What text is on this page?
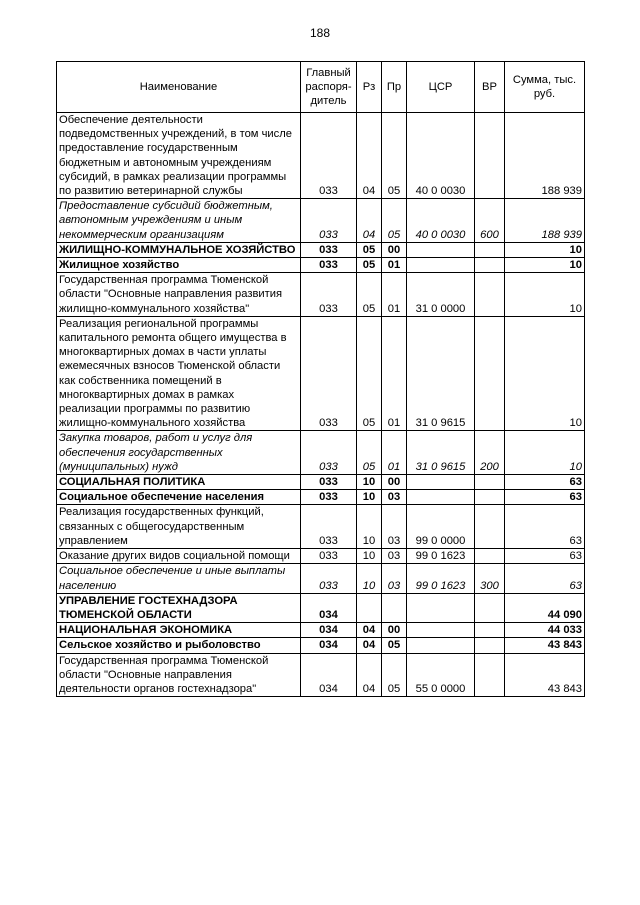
188
Наименование	Главный распоря-дитель	Рз	Пр	ЦСР	ВР	Сумма, тыс. руб.
Обеспечение деятельности подведомственных учреждений, в том числе предоставление государственным бюджетным и автономным учреждениям субсидий, в рамках реализации программы по развитию ветеринарной службы	033	04	05	40 0 0030		188 939
Предоставление субсидий бюджетным, автономным учреждениям и иным некоммерческим организациям	033	04	05	40 0 0030	600	188 939
ЖИЛИЩНО-КОММУНАЛЬНОЕ ХОЗЯЙСТВО	033	05	00			10
Жилищное хозяйство	033	05	01			10
Государственная программа Тюменской области "Основные направления развития жилищно-коммунального хозяйства"	033	05	01	31 0 0000		10
Реализация региональной программы капитального ремонта общего имущества в многоквартирных домах в части уплаты ежемесячных взносов Тюменской области как собственника помещений в многоквартирных домах в рамках реализации программы по развитию жилищно-коммунального хозяйства	033	05	01	31 0 9615		10
Закупка товаров, работ и услуг для обеспечения государственных (муниципальных) нужд	033	05	01	31 0 9615	200	10
СОЦИАЛЬНАЯ ПОЛИТИКА	033	10	00			63
Социальное обеспечение населения	033	10	03			63
Реализация государственных функций, связанных с общегосударственным управлением	033	10	03	99 0 0000		63
Оказание других видов социальной помощи	033	10	03	99 0 1623		63
Социальное обеспечение и иные выплаты населению	033	10	03	99 0 1623	300	63
УПРАВЛЕНИЕ ГОСТЕХНАДЗОРА ТЮМЕНСКОЙ ОБЛАСТИ	034					44 090
НАЦИОНАЛЬНАЯ ЭКОНОМИКА	034	04	00			44 033
Сельское хозяйство и рыболовство	034	04	05			43 843
Государственная программа Тюменской области "Основные направления деятельности органов гостехнадзора"	034	04	05	55 0 0000		43 843
